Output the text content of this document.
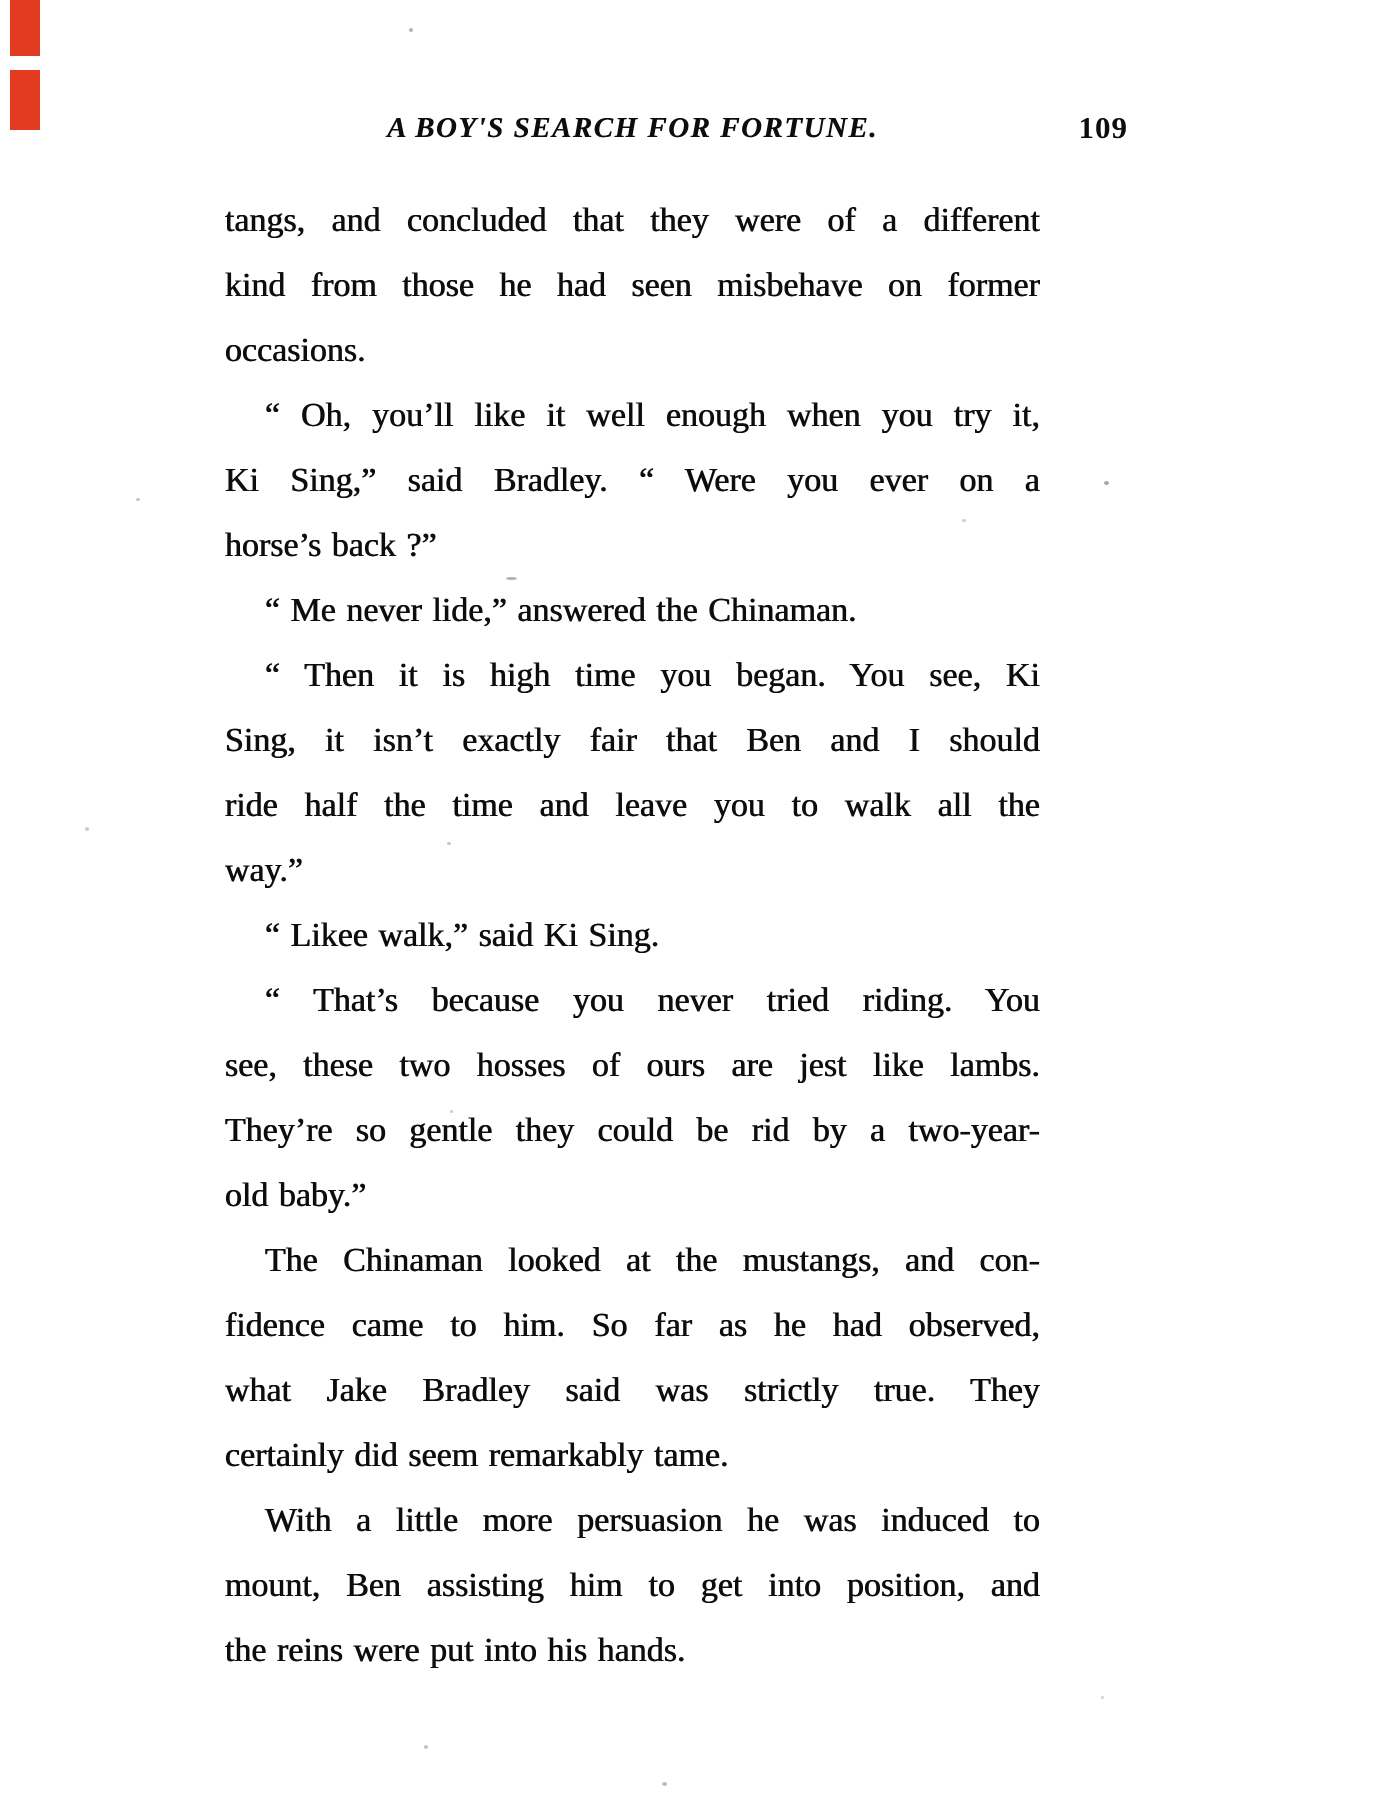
A BOY'S SEARCH FOR FORTUNE.	109
tangs, and concluded that they were of a different
kind from those he had seen misbehave on former
occasions.
“ Oh, you’ll like it well enough when you try it,
Ki Sing,” said Bradley. “ Were you ever on a
horse’s back ?”
“ Me never lide,” answered the Chinaman.
“ Then it is high time you began. You see, Ki
Sing, it isn’t exactly fair that Ben and I should
ride half the time and leave you to walk all the
way.”
“ Likee walk,” said Ki Sing.
“ That’s because you never tried riding. You
see, these two hosses of ours are jest like lambs.
They’re so gentle they could be rid by a two-year-
old baby.”
The Chinaman looked at the mustangs, and con-
fidence came to him. So far as he had observed,
what Jake Bradley said was strictly true. They
certainly did seem remarkably tame.
With a little more persuasion he was induced to
mount, Ben assisting him to get into position, and
the reins were put into his hands.
